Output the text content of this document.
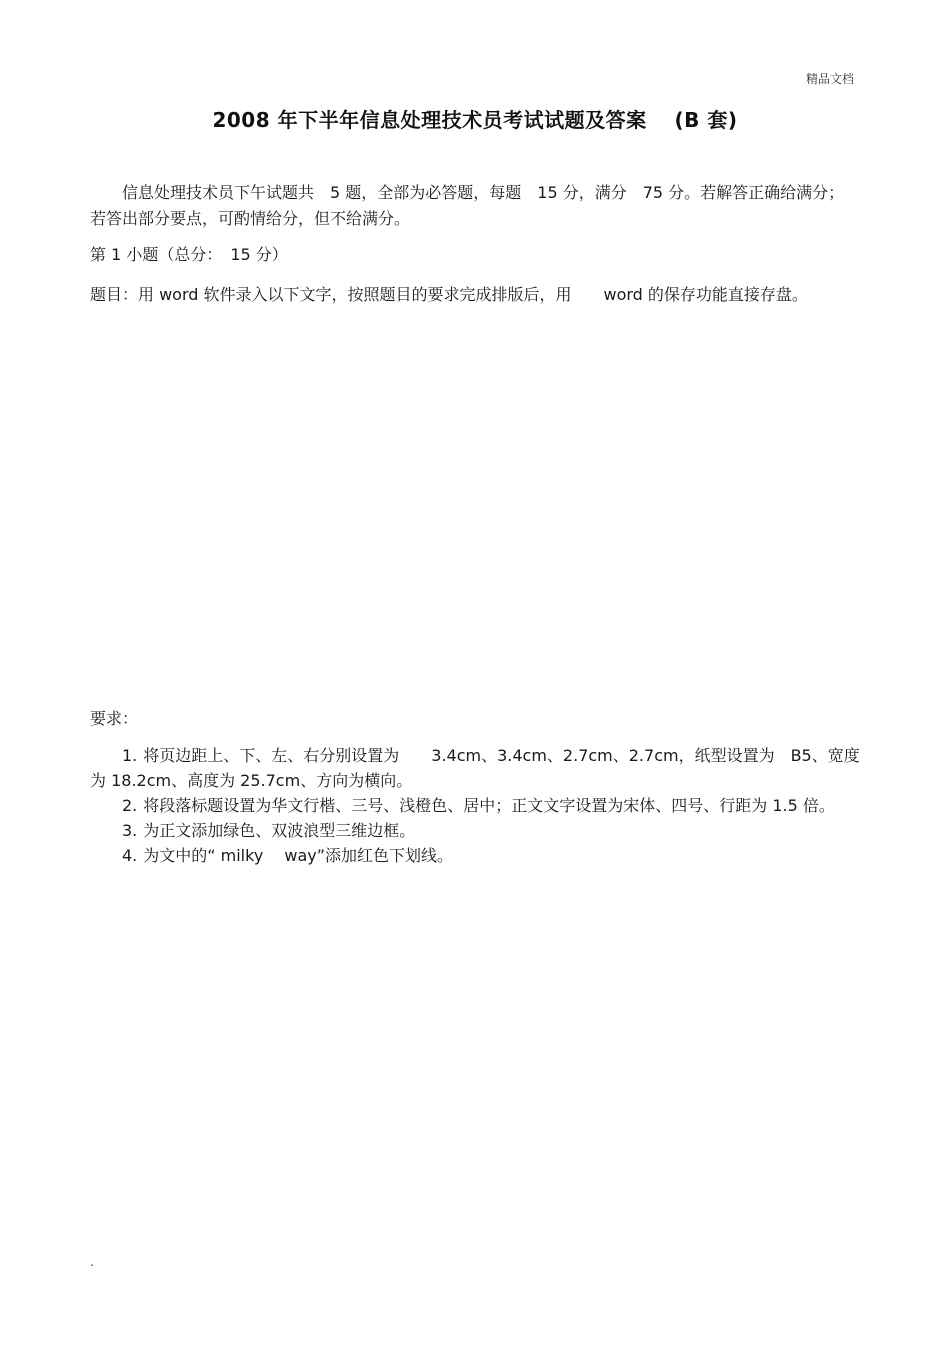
精品文档
2008 年下半年信息处理技术员考试试题及答案　 (B 套)

信息处理技术员下午试题共　5 题，全部为必答题，每题　15 分，满分　75 分。若解答正确给满分；若答出部分要点，可酌情给分，但不给满分。

第 1 小题（总分：　15 分）

题目：用 word 软件录入以下文字，按照题目的要求完成排版后，用　　word 的保存功能直接存盘。

要求：

1. 将页边距上、下、左、右分别设置为　　3.4cm、3.4cm、2.7cm、2.7cm，纸型设置为　B5、宽度为 18.2cm、高度为 25.7cm、方向为横向。
2. 将段落标题设置为华文行楷、三号、浅橙色、居中；正文文字设置为宋体、四号、行距为 1.5 倍。
3. 为正文添加绿色、双波浪型三维边框。
4. 为文中的“ milky　 way”添加红色下划线。
.
